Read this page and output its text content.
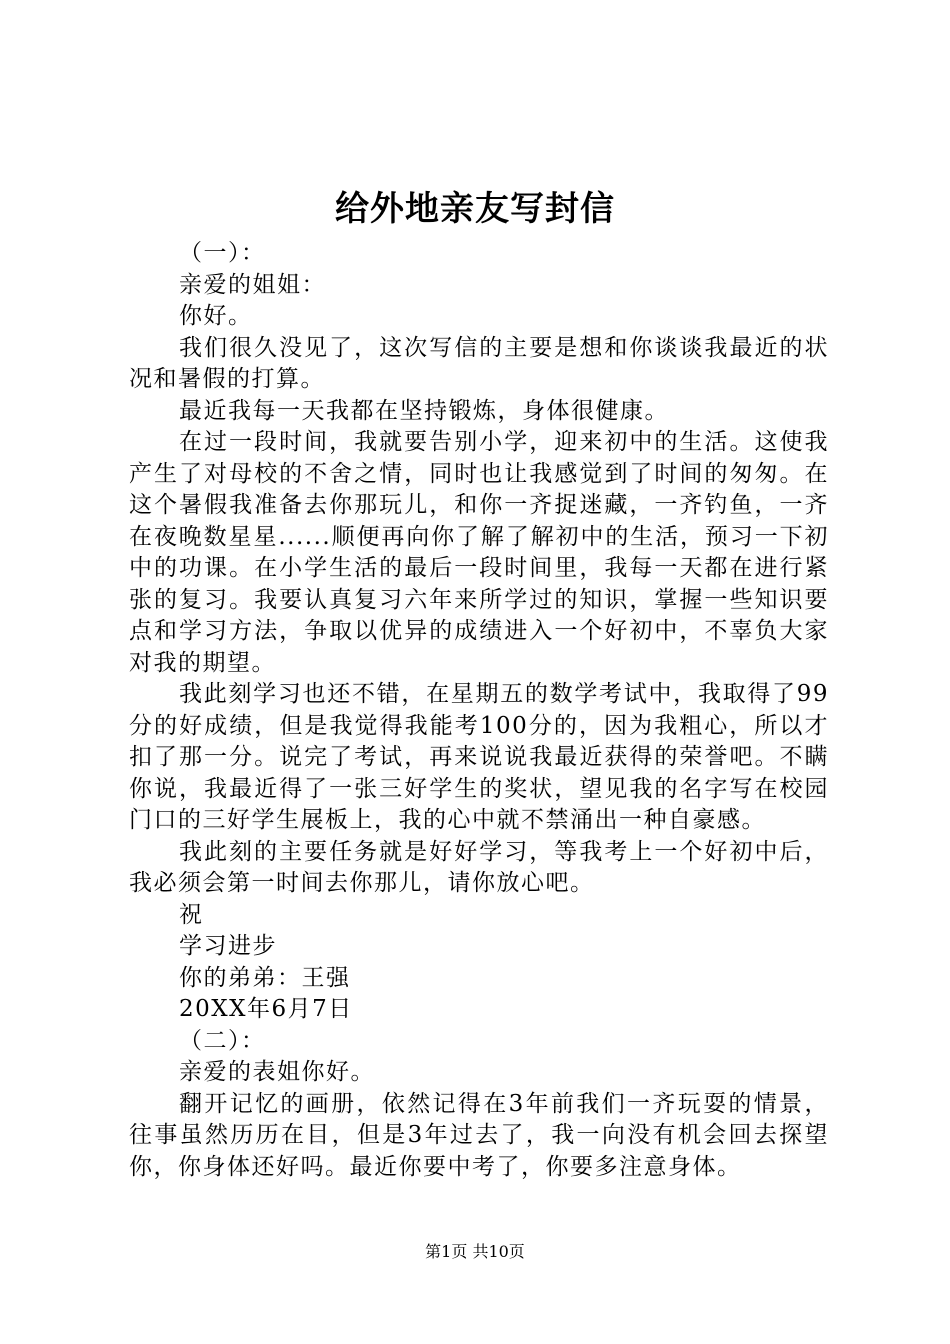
给外地亲友写封信

（一）：

亲爱的姐姐：

你好。

我们很久没见了，这次写信的主要是想和你谈谈我最近的状况和暑假的打算。

最近我每一天我都在坚持锻炼，身体很健康。

在过一段时间，我就要告别小学，迎来初中的生活。这使我产生了对母校的不舍之情，同时也让我感觉到了时间的匆匆。在这个暑假我准备去你那玩儿，和你一齐捉迷藏，一齐钓鱼，一齐在夜晚数星星......顺便再向你了解了解初中的生活，预习一下初中的功课。在小学生活的最后一段时间里，我每一天都在进行紧张的复习。我要认真复习六年来所学过的知识，掌握一些知识要点和学习方法，争取以优异的成绩进入一个好初中，不辜负大家对我的期望。

我此刻学习也还不错，在星期五的数学考试中，我取得了99分的好成绩，但是我觉得我能考100分的，因为我粗心，所以才扣了那一分。说完了考试，再来说说我最近获得的荣誉吧。不瞒你说，我最近得了一张三好学生的奖状，望见我的名字写在校园门口的三好学生展板上，我的心中就不禁涌出一种自豪感。

我此刻的主要任务就是好好学习，等我考上一个好初中后，我必须会第一时间去你那儿，请你放心吧。

祝

学习进步

你的弟弟：王强

20XX年6月7日

（二）：

亲爱的表姐你好。

翻开记忆的画册，依然记得在3年前我们一齐玩耍的情景，往事虽然历历在目，但是3年过去了，我一向没有机会回去探望你，你身体还好吗。最近你要中考了，你要多注意身体。

第1页 共10页
